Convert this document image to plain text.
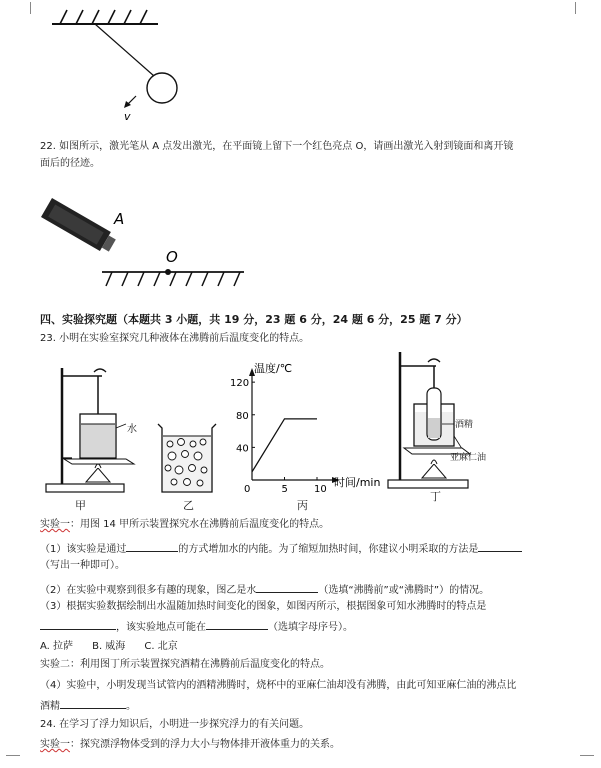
v
22. 如图所示，激光笔从 A 点发出激光，在平面镜上留下一个红色亮点 O，请画出激光入射到镜面和离开镜
面后的径迹。
A
O
四、实验探究题（本题共 3 小题，共 19 分，23 题 6 分，24 题 6 分，25 题 7 分）
23. 小明在实验室探究几种液体在沸腾前后温度变化的特点。
水
甲	乙
温度/℃
时间/min
0	5	10
40
80
120
丙
酒精
亚麻仁油
丁
实验一：用图 14 甲所示装置探究水在沸腾前后温度变化的特点。
（1）该实验是通过	的方式增加水的内能。为了缩短加热时间，你建议小明采取的方法是
（写出一种即可）。
（2）在实验中观察到很多有趣的现象，图乙是水	（选填“沸腾前”或“沸腾时”）的情况。
（3）根据实验数据绘制出水温随加热时间变化的图象，如图丙所示，根据图象可知水沸腾时的特点是
，该实验地点可能在	（选填字母序号）。
A. 拉萨      B. 威海      C. 北京
实验二：利用图丁所示装置探究酒精在沸腾前后温度变化的特点。
（4）实验中，小明发现当试管内的酒精沸腾时，烧杯中的亚麻仁油却没有沸腾，由此可知亚麻仁油的沸点比
酒精	。
24. 在学习了浮力知识后，小明进一步探究浮力的有关问题。
实验一：探究漂浮物体受到的浮力大小与物体排开液体重力的关系。
